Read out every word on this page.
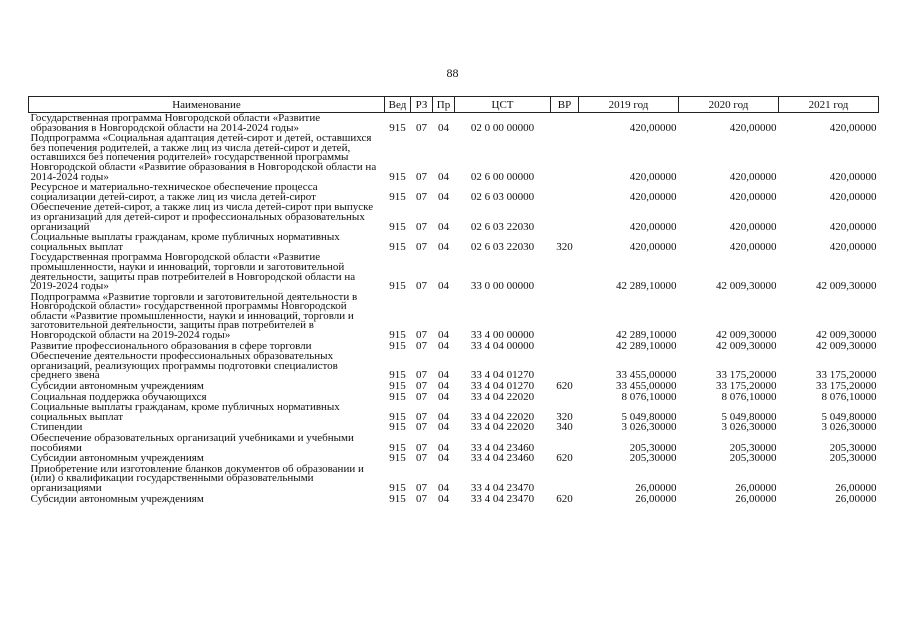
88
Наименование	Вед	РЗ	Пр	ЦСТ	ВР	2019 год	2020 год	2021 год
Государственная программа Новгородской области «Развитие образования в Новгородской области на 2014-2024 годы»	915	07	04	02 0 00 00000		420,00000	420,00000	420,00000
Подпрограмма «Социальная адаптация детей-сирот и детей, оставшихся без попечения родителей, а также лиц из числа детей-сирот и детей, оставшихся без попечения родителей» государственной программы Новгородской области «Развитие образования в Новгородской области на 2014-2024 годы»	915	07	04	02 6 00 00000		420,00000	420,00000	420,00000
Ресурсное и материально-техническое обеспечение процесса социализации детей-сирот, а также лиц из числа детей-сирот	915	07	04	02 6 03 00000		420,00000	420,00000	420,00000
Обеспечение детей-сирот, а также лиц из числа детей-сирот при выпуске из организаций для детей-сирот и профессиональных образовательных организаций	915	07	04	02 6 03 22030		420,00000	420,00000	420,00000
Социальные выплаты гражданам, кроме публичных нормативных социальных выплат	915	07	04	02 6 03 22030	320	420,00000	420,00000	420,00000
Государственная программа Новгородской области «Развитие промышленности, науки и инноваций, торговли и заготовительной деятельности, защиты прав потребителей в Новгородской области на 2019-2024 годы»	915	07	04	33 0 00 00000		42 289,10000	42 009,30000	42 009,30000
Подпрограмма «Развитие торговли и заготовительной деятельности в Новгородской области» государственной программы Новгородской области «Развитие промышленности, науки и инноваций, торговли и заготовительной деятельности, защиты прав потребителей в Новгородской области на 2019-2024 годы»	915	07	04	33 4 00 00000		42 289,10000	42 009,30000	42 009,30000
Развитие профессионального образования в сфере торговли	915	07	04	33 4 04 00000		42 289,10000	42 009,30000	42 009,30000
Обеспечение деятельности профессиональных образовательных организаций, реализующих программы подготовки специалистов среднего звена	915	07	04	33 4 04 01270		33 455,00000	33 175,20000	33 175,20000
Субсидии автономным учреждениям	915	07	04	33 4 04 01270	620	33 455,00000	33 175,20000	33 175,20000
Социальная поддержка обучающихся	915	07	04	33 4 04 22020		8 076,10000	8 076,10000	8 076,10000
Социальные выплаты гражданам, кроме публичных нормативных социальных выплат	915	07	04	33 4 04 22020	320	5 049,80000	5 049,80000	5 049,80000
Стипендии	915	07	04	33 4 04 22020	340	3 026,30000	3 026,30000	3 026,30000
Обеспечение образовательных организаций учебниками и учебными пособиями	915	07	04	33 4 04 23460		205,30000	205,30000	205,30000
Субсидии автономным учреждениям	915	07	04	33 4 04 23460	620	205,30000	205,30000	205,30000
Приобретение или изготовление бланков документов об образовании и (или) о квалификации государственными образовательными организациями	915	07	04	33 4 04 23470		26,00000	26,00000	26,00000
Субсидии автономным учреждениям	915	07	04	33 4 04 23470	620	26,00000	26,00000	26,00000
